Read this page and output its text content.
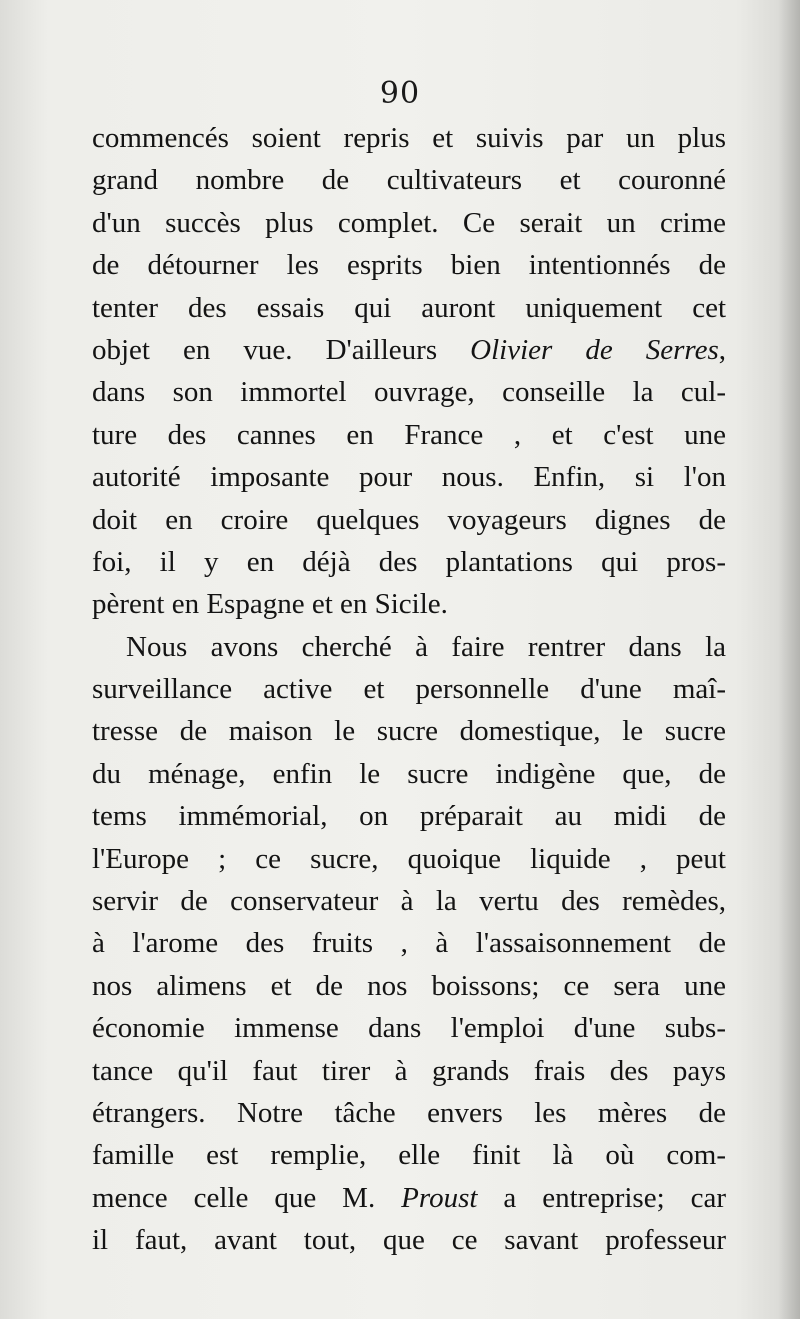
90
commencés soient repris et suivis par un plus
grand nombre de cultivateurs et couronné
d'un succès plus complet. Ce serait un crime
de détourner les esprits bien intentionnés de
tenter des essais qui auront uniquement cet
objet en vue. D'ailleurs Olivier de Serres,
dans son immortel ouvrage, conseille la cul-
ture des cannes en France , et c'est une
autorité imposante pour nous. Enfin, si l'on
doit en croire quelques voyageurs dignes de
foi, il y en déjà des plantations qui pros-
pèrent en Espagne et en Sicile.
Nous avons cherché à faire rentrer dans la
surveillance active et personnelle d'une maî-
tresse de maison le sucre domestique, le sucre
du ménage, enfin le sucre indigène que, de
tems immémorial, on préparait au midi de
l'Europe ; ce sucre, quoique liquide , peut
servir de conservateur à la vertu des remèdes,
à l'arome des fruits , à l'assaisonnement de
nos alimens et de nos boissons; ce sera une
économie immense dans l'emploi d'une subs-
tance qu'il faut tirer à grands frais des pays
étrangers. Notre tâche envers les mères de
famille est remplie, elle finit là où com-
mence celle que M. Proust a entreprise; car
il faut, avant tout, que ce savant professeur
